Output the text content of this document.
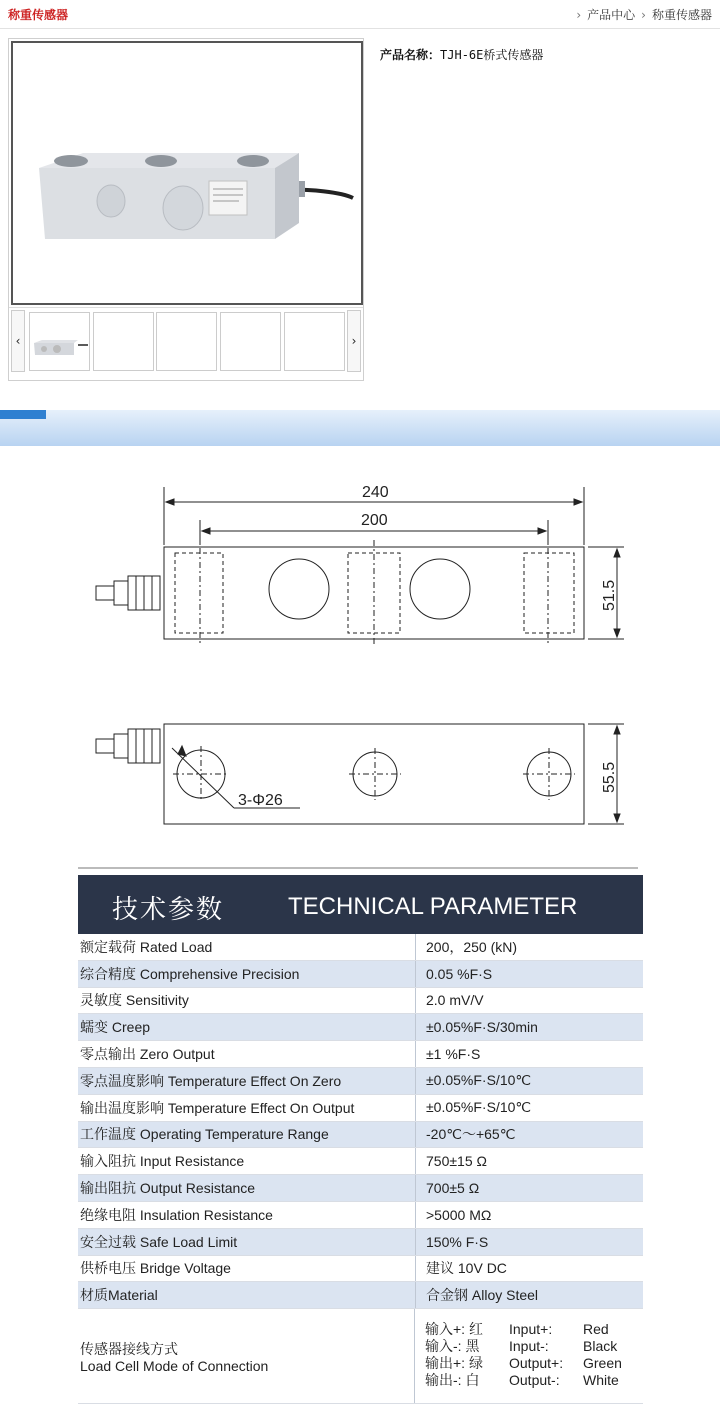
称重传感器	› 产品中心 › 称重传感器
‹	›
产品名称：TJH-6E桥式传感器
240
200
3-Φ26
51.5
55.5
技术参数	TECHNICAL PARAMETER
额定载荷 Rated Load	200，250 (kN)
综合精度 Comprehensive Precision	0.05 %F·S
灵敏度 Sensitivity	2.0 mV/V
蠕变 Creep	±0.05%F·S/30min
零点输出 Zero Output	±1 %F·S
零点温度影响 Temperature Effect On Zero	±0.05%F·S/10℃
输出温度影响 Temperature Effect On Output	±0.05%F·S/10℃
工作温度 Operating Temperature Range	-20℃～+65℃
输入阻抗 Input Resistance	750±15 Ω
输出阻抗 Output Resistance	700±5 Ω
绝缘电阻 Insulation Resistance	>5000 MΩ
安全过载 Safe Load Limit	150% F·S
供桥电压 Bridge Voltage	建议 10V DC
材质Material	合金钢 Alloy Steel
传感器接线方式
Load Cell Mode of Connection
输入+: 红	Input+:	Red
输入-: 黑	Input-:	Black
输出+: 绿	Output+:	Green
输出-: 白	Output-:	White
